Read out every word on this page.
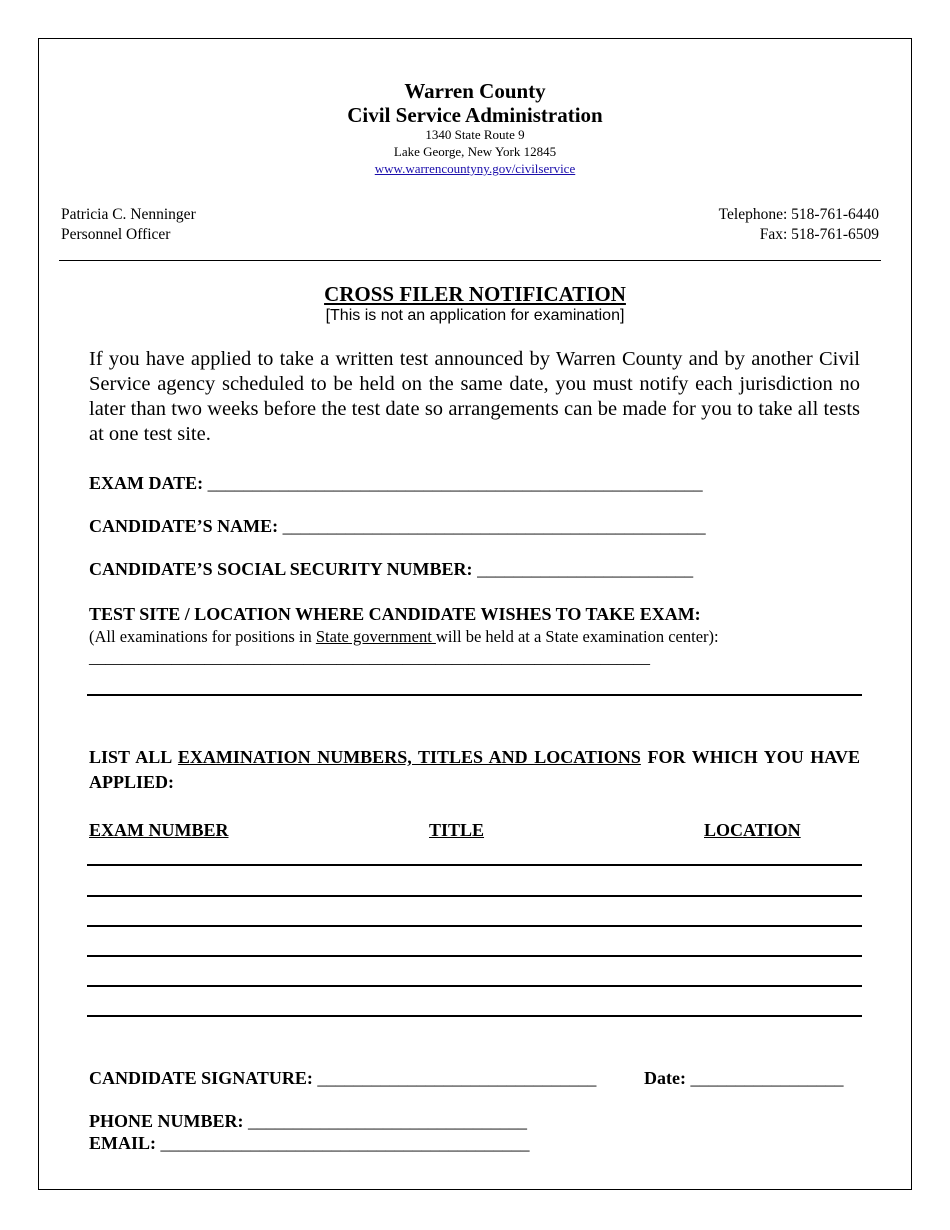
Warren County
Civil Service Administration
1340 State Route 9
Lake George, New York 12845
www.warrencountyny.gov/civilservice
Patricia C. Nenninger
Personnel Officer
Telephone: 518-761-6440
Fax: 518-761-6509
CROSS FILER NOTIFICATION
[This is not an application for examination]
If you have applied to take a written test announced by Warren County and by another Civil Service agency scheduled to be held on the same date, you must notify each jurisdiction no later than two weeks before the test date so arrangements can be made for you to take all tests at one test site.
EXAM DATE: _______________________________________________________
CANDIDATE’S NAME: _______________________________________________
CANDIDATE’S SOCIAL SECURITY NUMBER: ________________________
TEST SITE / LOCATION WHERE CANDIDATE WISHES TO TAKE EXAM:
(All examinations for positions in State government will be held at a State examination center):
____________________________________________________________________
LIST ALL EXAMINATION NUMBERS, TITLES AND LOCATIONS FOR WHICH YOU HAVE APPLIED:
EXAM NUMBER	TITLE	LOCATION
CANDIDATE SIGNATURE: _______________________________	Date: _________________
PHONE NUMBER: _______________________________
EMAIL: _________________________________________
